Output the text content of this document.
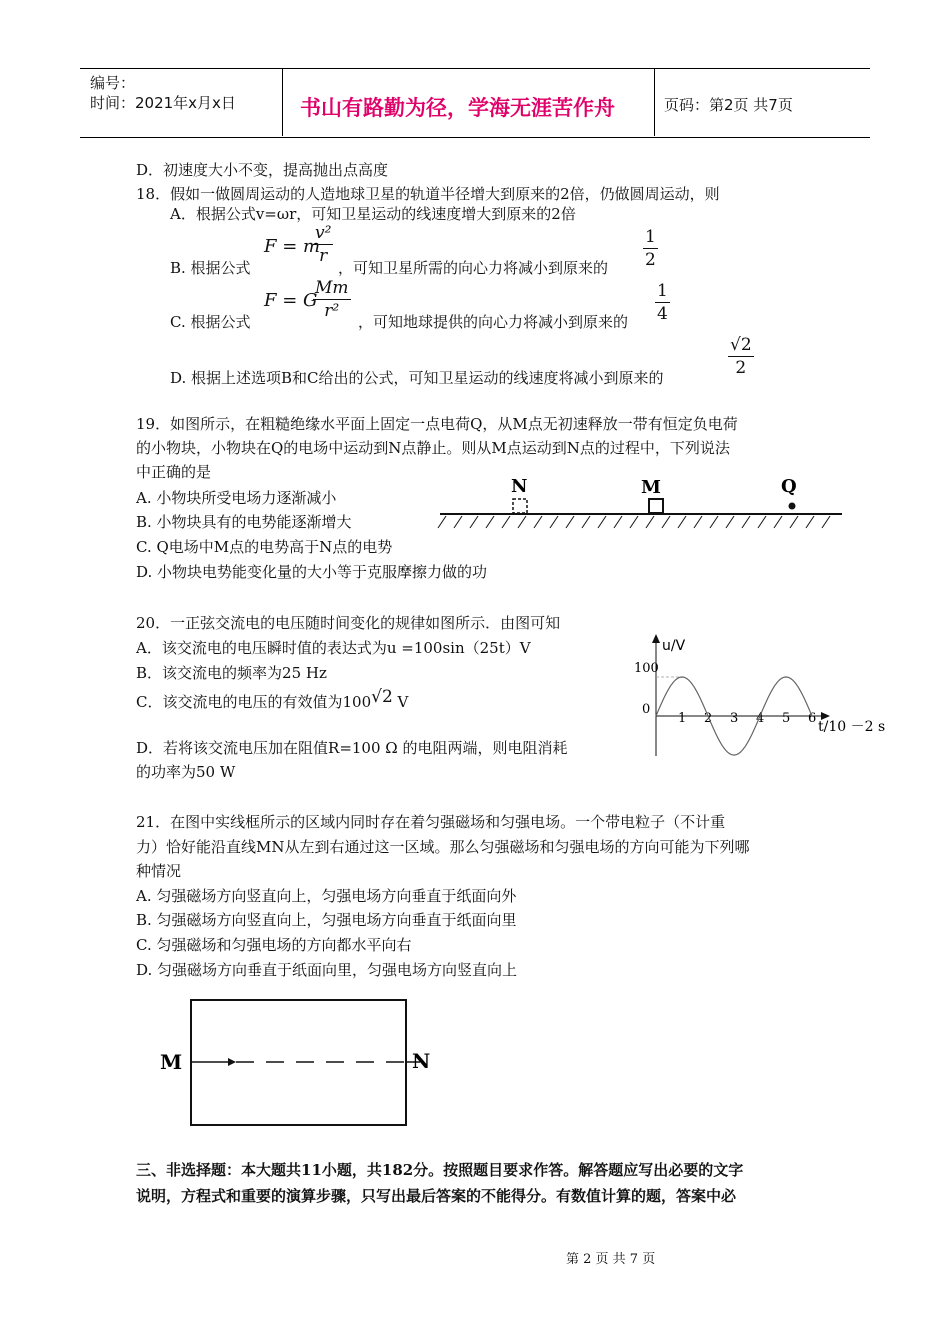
编号：
时间：2021年x月x日	书山有路勤为径，学海无涯苦作舟	页码：第2页 共7页
D．初速度大小不变，提高抛出点高度
18．假如一做圆周运动的人造地球卫星的轨道半径增大到原来的2倍，仍做圆周运动，则
A．根据公式v=ωr，可知卫星运动的线速度增大到原来的2倍
B. 根据公式
F = m
$\frac{\text{v²}}{r}$
，可知卫星所需的向心力将减小到原来的 $\frac{1}{2}$
C. 根据公式
F = G
$\frac{Mm}{\text{r²}}$ ，可知地球提供的向心力将减小到原来的 $\frac{1}{4}$
D. 根据上述选项B和C给出的公式，可知卫星运动的线速度将减小到原来的	$\frac{√2}{2}$
19．如图所示，在粗糙绝缘水平面上固定一点电荷Q，从M点无初速释放一带有恒定负电荷
的小物块，小物块在Q的电场中运动到N点静止。则从M点运动到N点的过程中，下列说法
中正确的是
A. 小物块所受电场力逐渐减小
B. 小物块具有的电势能逐渐增大
C. Q电场中M点的电势高于N点的电势
D. 小物块电势能变化量的大小等于克服摩擦力做的功
N	M	Q
20．一正弦交流电的电压随时间变化的规律如图所示．由图可知
A．该交流电的电压瞬时值的表达式为u =100sin（25t）V
B．该交流电的频率为25 Hz
C．该交流电的电压的有效值为100√2 V
D．若将该交流电压加在阻值R=100 Ω 的电阻两端，则电阻消耗
的功率为50 W
u/V
100
0
t/10 －2 s
1 2 3 4 5 6
21．在图中实线框所示的区域内同时存在着匀强磁场和匀强电场。一个带电粒子（不计重
力）恰好能沿直线MN从左到右通过这一区域。那么匀强磁场和匀强电场的方向可能为下列哪
种情况
A. 匀强磁场方向竖直向上，匀强电场方向垂直于纸面向外
B. 匀强磁场方向竖直向上，匀强电场方向垂直于纸面向里
C. 匀强磁场和匀强电场的方向都水平向右
D. 匀强磁场方向垂直于纸面向里，匀强电场方向竖直向上
M	N
三、非选择题：本大题共11小题，共182分。按照题目要求作答。解答题应写出必要的文字
说明，方程式和重要的演算步骤，只写出最后答案的不能得分。有数值计算的题，答案中必
第 2 页 共 7 页
